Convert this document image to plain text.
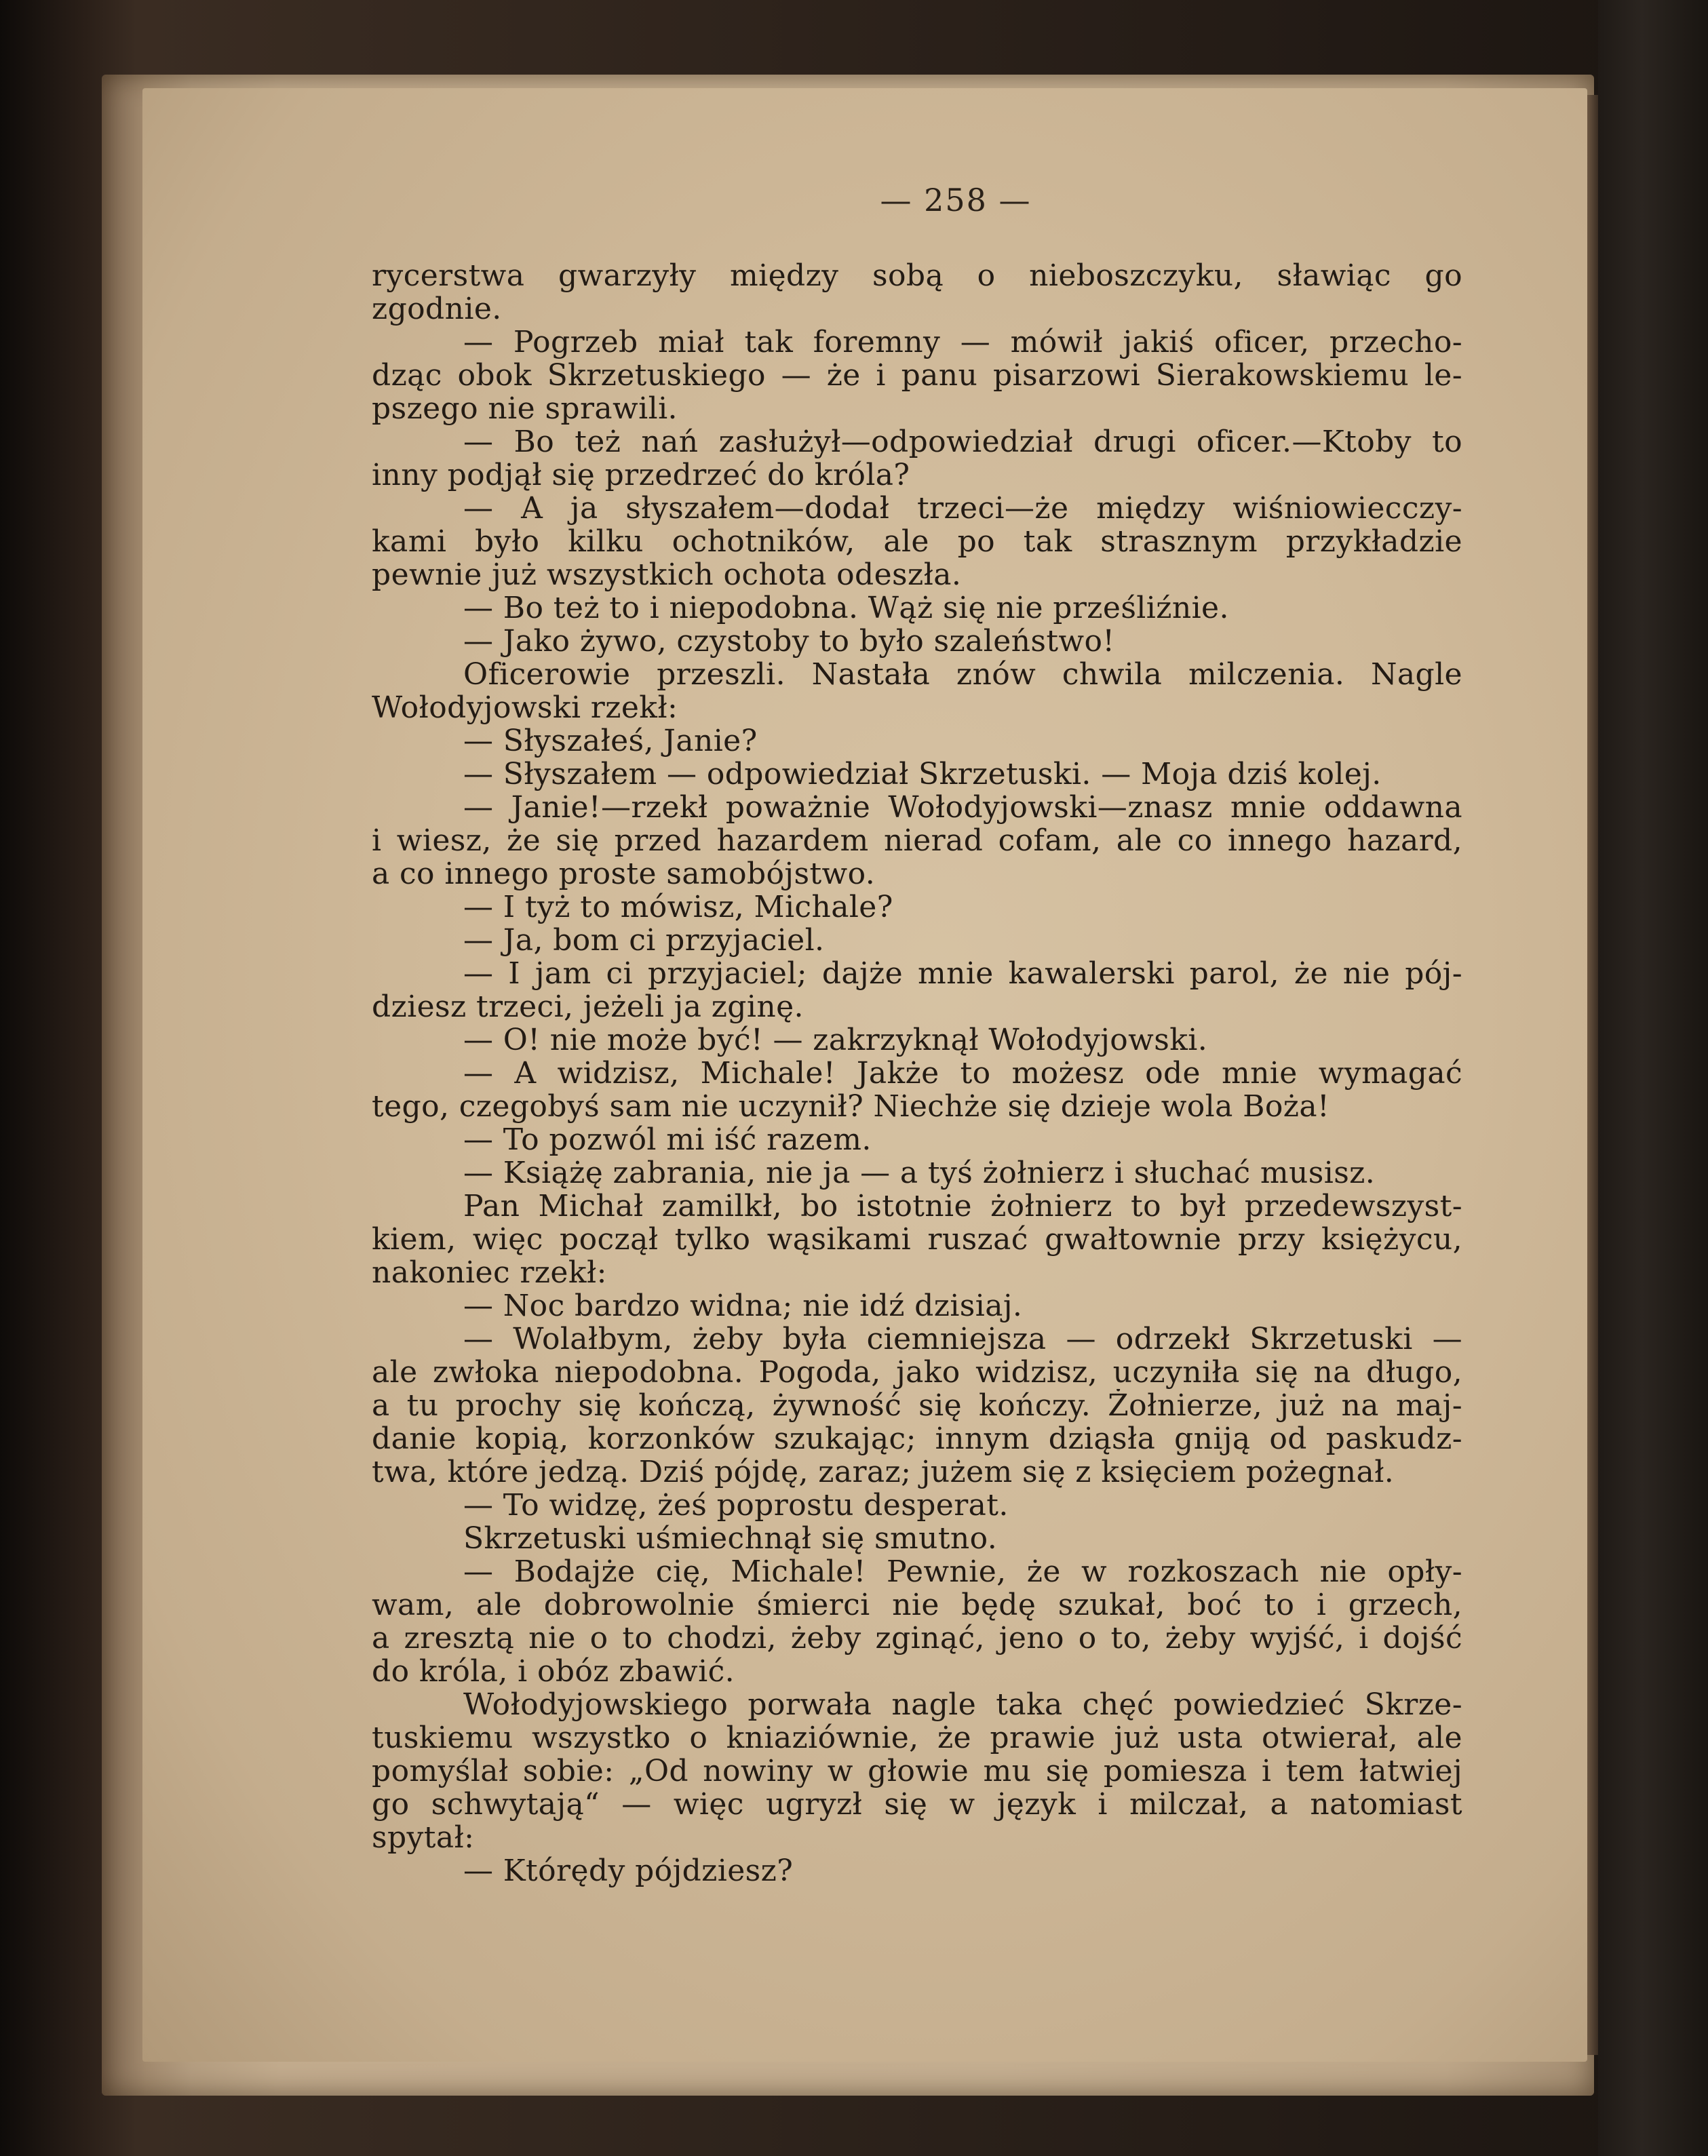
— 258 —
rycerstwa gwarzyły między sobą o nieboszczyku, sławiąc go
zgodnie.
— Pogrzeb miał tak foremny — mówił jakiś oficer, przecho-
dząc obok Skrzetuskiego — że i panu pisarzowi Sierakowskiemu le-
pszego nie sprawili.
— Bo też nań zasłużył—odpowiedział drugi oficer.—Ktoby to
inny podjął się przedrzeć do króla?
— A ja słyszałem—dodał trzeci—że między wiśniowiecczy-
kami było kilku ochotników, ale po tak strasznym przykładzie
pewnie już wszystkich ochota odeszła.
— Bo też to i niepodobna. Wąż się nie prześliźnie.
— Jako żywo, czystoby to było szaleństwo!
Oficerowie przeszli. Nastała znów chwila milczenia. Nagle
Wołodyjowski rzekł:
— Słyszałeś, Janie?
— Słyszałem — odpowiedział Skrzetuski. — Moja dziś kolej.
— Janie!—rzekł poważnie Wołodyjowski—znasz mnie oddawna
i wiesz, że się przed hazardem nierad cofam, ale co innego hazard,
a co innego proste samobójstwo.
— I tyż to mówisz, Michale?
— Ja, bom ci przyjaciel.
— I jam ci przyjaciel; dajże mnie kawalerski parol, że nie pój-
dziesz trzeci, jeżeli ja zginę.
— O! nie może być! — zakrzyknął Wołodyjowski.
— A widzisz, Michale! Jakże to możesz ode mnie wymagać
tego, czegobyś sam nie uczynił? Niechże się dzieje wola Boża!
— To pozwól mi iść razem.
— Książę zabrania, nie ja — a tyś żołnierz i słuchać musisz.
Pan Michał zamilkł, bo istotnie żołnierz to był przedewszyst-
kiem, więc począł tylko wąsikami ruszać gwałtownie przy księżycu,
nakoniec rzekł:
— Noc bardzo widna; nie idź dzisiaj.
— Wolałbym, żeby była ciemniejsza — odrzekł Skrzetuski —
ale zwłoka niepodobna. Pogoda, jako widzisz, uczyniła się na długo,
a tu prochy się kończą, żywność się kończy. Żołnierze, już na maj-
danie kopią, korzonków szukając; innym dziąsła gniją od paskudz-
twa, które jedzą. Dziś pójdę, zaraz; jużem się z księciem pożegnał.
— To widzę, żeś poprostu desperat.
Skrzetuski uśmiechnął się smutno.
— Bodajże cię, Michale! Pewnie, że w rozkoszach nie opły-
wam, ale dobrowolnie śmierci nie będę szukał, boć to i grzech,
a zresztą nie o to chodzi, żeby zginąć, jeno o to, żeby wyjść, i dojść
do króla, i obóz zbawić.
Wołodyjowskiego porwała nagle taka chęć powiedzieć Skrze-
tuskiemu wszystko o kniaziówniе, że prawie już usta otwierał, ale
pomyślał sobie: „Od nowiny w głowie mu się pomiesza i tem łatwiej
go schwytają“ — więc ugryzł się w język i milczał, a natomiast
spytał:
— Którędy pójdziesz?
